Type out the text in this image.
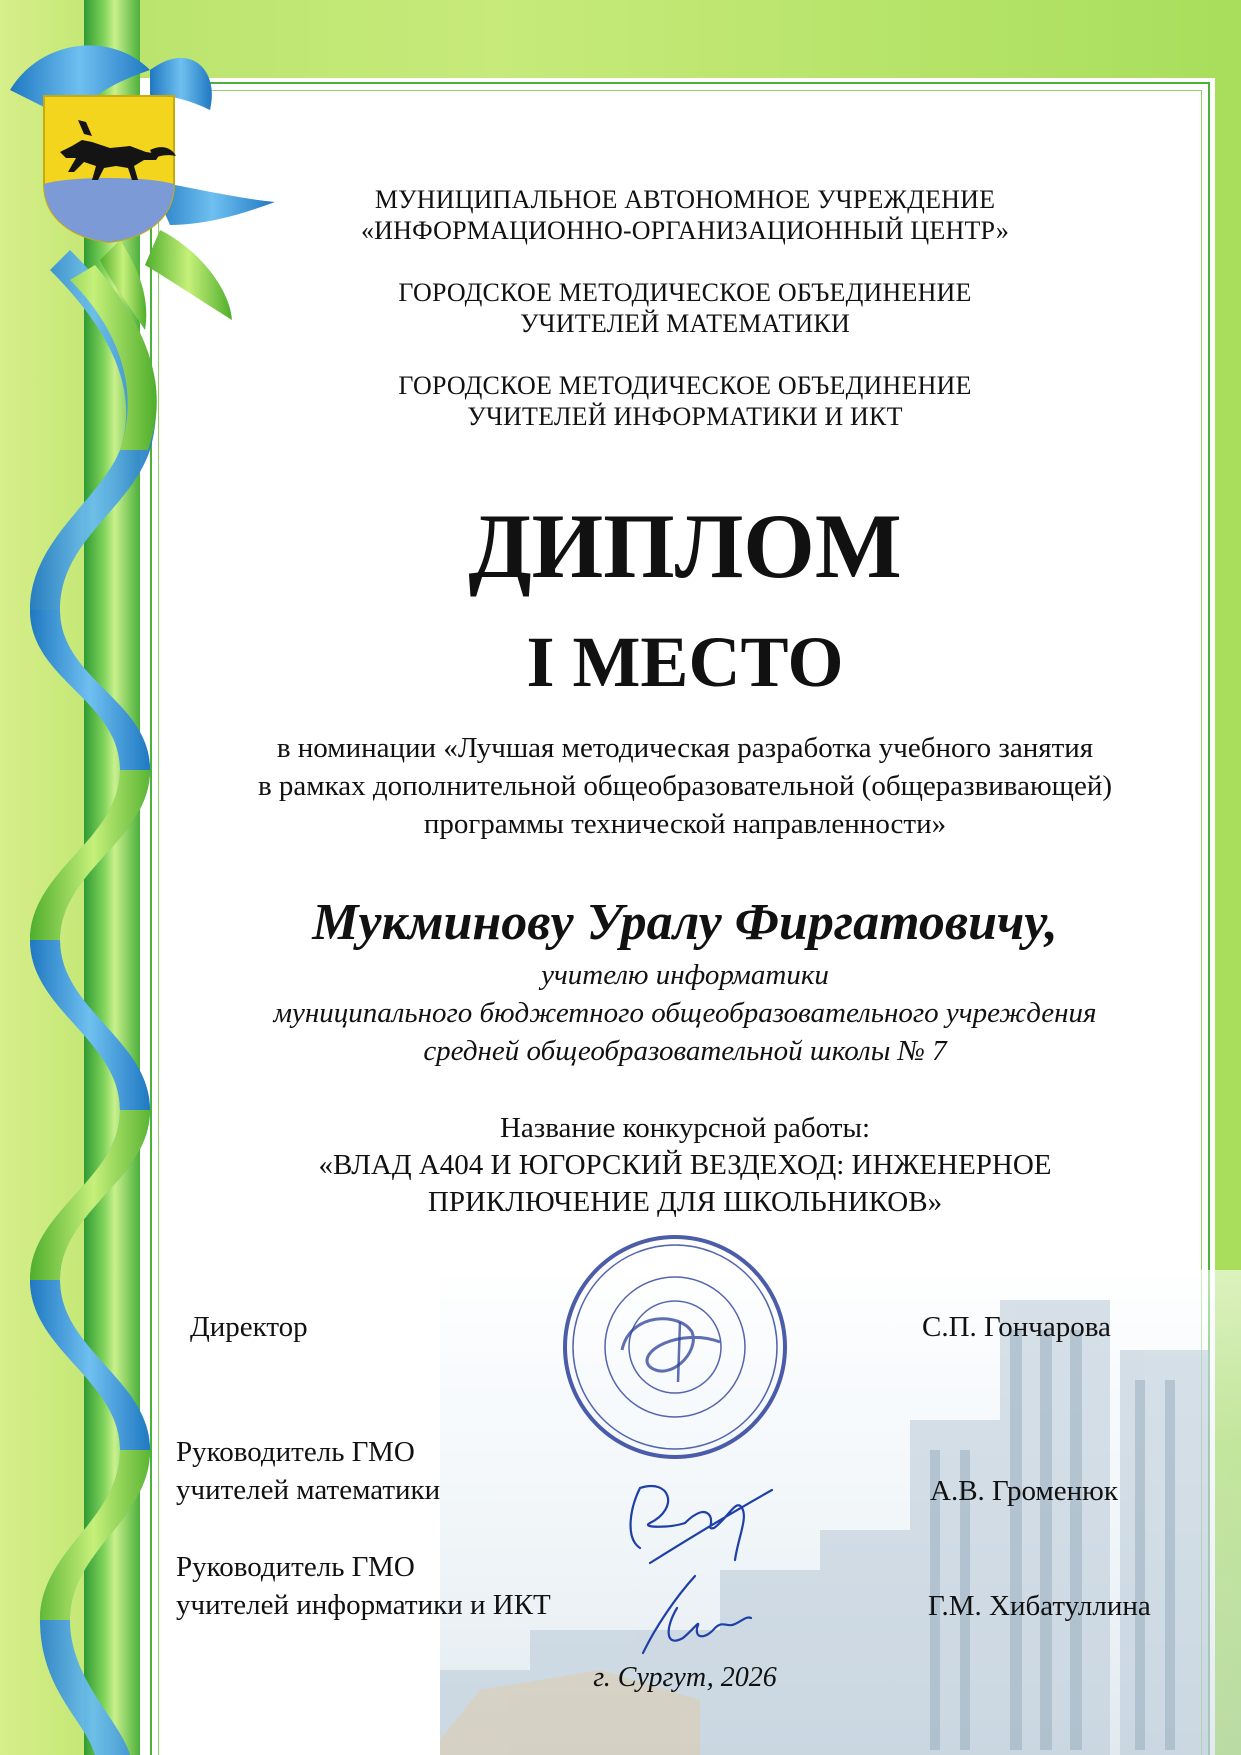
МУНИЦИПАЛЬНОЕ АВТОНОМНОЕ УЧРЕЖДЕНИЕ
«ИНФОРМАЦИОННО-ОРГАНИЗАЦИОННЫЙ ЦЕНТР»
ГОРОДСКОЕ МЕТОДИЧЕСКОЕ ОБЪЕДИНЕНИЕ
УЧИТЕЛЕЙ МАТЕМАТИКИ
ГОРОДСКОЕ МЕТОДИЧЕСКОЕ ОБЪЕДИНЕНИЕ
УЧИТЕЛЕЙ ИНФОРМАТИКИ И ИКТ
ДИПЛОМ
I МЕСТО
в номинации «Лучшая методическая разработка учебного занятия
в рамках дополнительной общеобразовательной (общеразвивающей)
программы технической направленности»
Мукминову Уралу Фиргатовичу,
учителю информатики
муниципального бюджетного общеобразовательного учреждения
средней общеобразовательной школы № 7
Название конкурсной работы:
«ВЛАД А404 И ЮГОРСКИЙ ВЕЗДЕХОД: ИНЖЕНЕРНОЕ
ПРИКЛЮЧЕНИЕ ДЛЯ ШКОЛЬНИКОВ»
Директор	С.П. Гончарова
Руководитель ГМО
учителей математики	А.В. Громенюк
Руководитель ГМО
учителей информатики и ИКТ	Г.М. Хибатуллина
г. Сургут, 2026
